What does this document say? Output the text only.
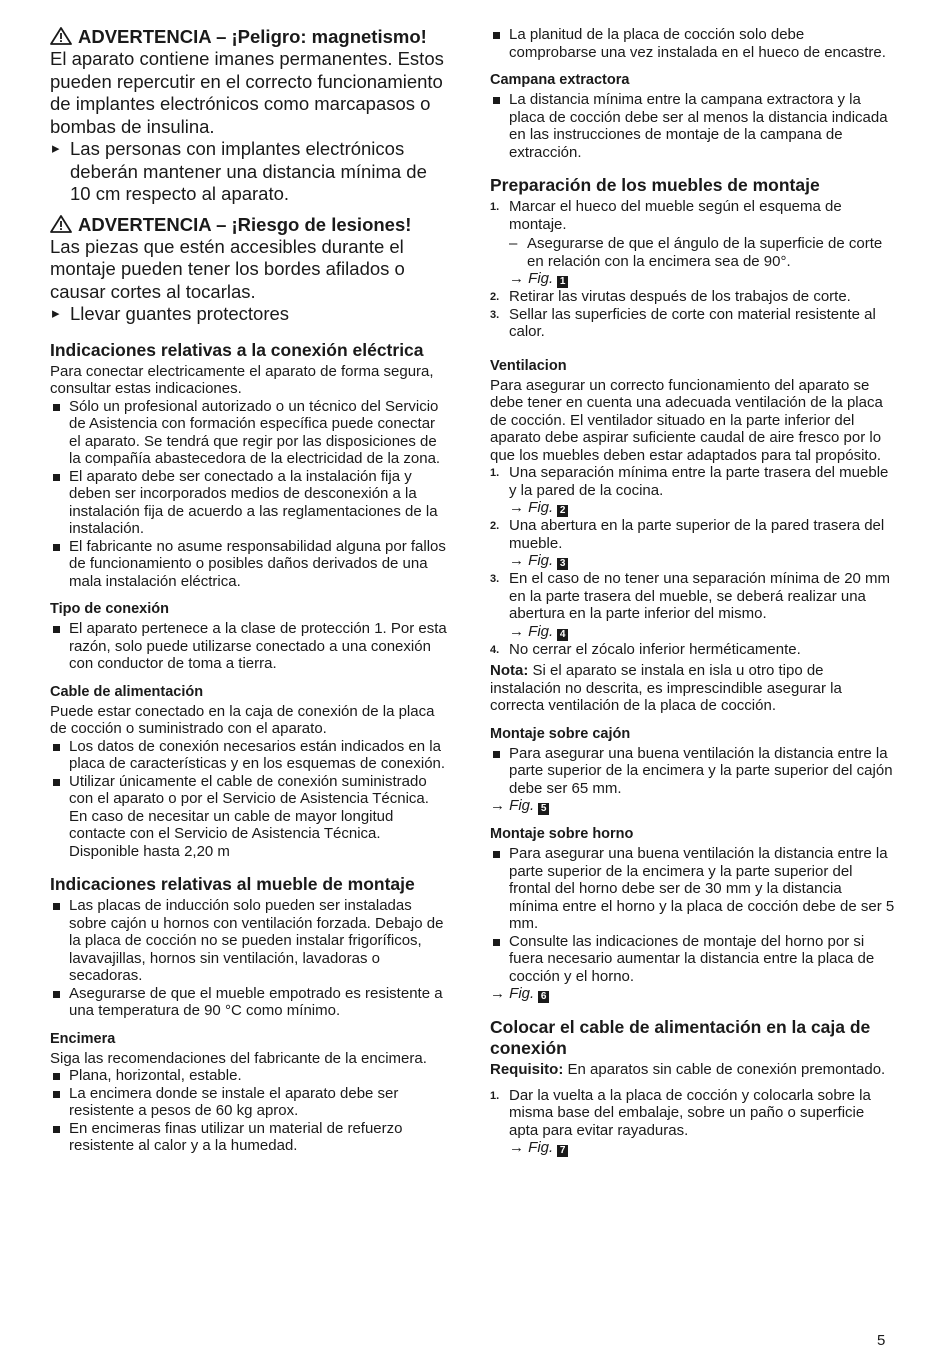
ADVERTENCIA – ¡Peligro: magnetismo!

El aparato contiene imanes permanentes. Estos pueden repercutir en el correcto funcionamiento de implantes electrónicos como marcapasos o bombas de insulina.

▸ Las personas con implantes electrónicos deberán mantener una distancia mínima de 10 cm respecto al aparato.

ADVERTENCIA – ¡Riesgo de lesiones!

Las piezas que estén accesibles durante el montaje pueden tener los bordes afilados o causar cortes al tocarlas.

▸ Llevar guantes protectores
Indicaciones relativas a la conexión eléctrica

Para conectar electricamente el aparato de forma segura, consultar estas indicaciones.

Sólo un profesional autorizado o un técnico del Servicio de Asistencia con formación específica puede conectar el aparato. Se tendrá que regir por las disposiciones de la compañía abastecedora de la electricidad de la zona.
El aparato debe ser conectado a la instalación fija y deben ser incorporados medios de desconexión a la instalación fija de acuerdo a las reglamentaciones de la instalación.
El fabricante no asume responsabilidad alguna por fallos de funcionamiento o posibles daños derivados de una mala instalación eléctrica.
Tipo de conexión
El aparato pertenece a la clase de protección 1. Por esta razón, solo puede utilizarse conectado a una conexión con conductor de toma a tierra.
Cable de alimentación

Puede estar conectado en la caja de conexión de la placa de cocción o suministrado con el aparato.

Los datos de conexión necesarios están indicados en la placa de características y en los esquemas de conexión.
Utilizar únicamente el cable de conexión suministrado con el aparato o por el Servicio de Asistencia Técnica. En caso de necesitar un cable de mayor longitud contacte con el Servicio de Asistencia Técnica. Disponible hasta 2,20 m
Indicaciones relativas al mueble de montaje
Las placas de inducción solo pueden ser instaladas sobre cajón u hornos con ventilación forzada. Debajo de la placa de cocción no se pueden instalar frigoríficos, lavavajillas, hornos sin ventilación, lavadoras o secadoras.
Asegurarse de que el mueble empotrado es resistente a una temperatura de 90 °C como mínimo.
Encimera

Siga las recomendaciones del fabricante de la encimera.

Plana, horizontal, estable.
La encimera donde se instale el aparato debe ser resistente a pesos de 60 kg aprox.
En encimeras finas utilizar un material de refuerzo resistente al calor y a la humedad.
La planitud de la placa de cocción solo debe comprobarse una vez instalada en el hueco de encastre.
Campana extractora
La distancia mínima entre la campana extractora y la placa de cocción debe ser al menos la distancia indicada en las instrucciones de montaje de la campana de extracción.
Preparación de los muebles de montaje
1. Marcar el hueco del mueble según el esquema de montaje.
– Asegurarse de que el ángulo de la superficie de corte en relación con la encimera sea de 90°.
→ Fig. 1
2. Retirar las virutas después de los trabajos de corte.
3. Sellar las superficies de corte con material resistente al calor.
Ventilacion

Para asegurar un correcto funcionamiento del aparato se debe tener en cuenta una adecuada ventilación de la placa de cocción. El ventilador situado en la parte inferior del aparato debe aspirar suficiente caudal de aire fresco por lo que los muebles deben estar adaptados para tal propósito.

1. Una separación mínima entre la parte trasera del mueble y la pared de la cocina.
→ Fig. 2
2. Una abertura en la parte superior de la pared trasera del mueble.
→ Fig. 3
3. En el caso de no tener una separación mínima de 20 mm en la parte trasera del mueble, se deberá realizar una abertura en la parte inferior del mismo.
→ Fig. 4
4. No cerrar el zócalo inferior herméticamente.

Nota: Si el aparato se instala en isla u otro tipo de instalación no descrita, es imprescindible asegurar la correcta ventilación de la placa de cocción.

Montaje sobre cajón
Para asegurar una buena ventilación la distancia entre la parte superior de la encimera y la parte superior del cajón debe ser 65 mm.
→ Fig. 5
Montaje sobre horno
Para asegurar una buena ventilación la distancia entre la parte superior de la encimera y la parte superior del frontal del horno debe ser de 30 mm y la distancia mínima entre el horno y la placa de cocción debe de ser 5 mm.
Consulte las indicaciones de montaje del horno por si fuera necesario aumentar la distancia entre la placa de cocción y el horno.
→ Fig. 6
Colocar el cable de alimentación en la caja de conexión

Requisito: En aparatos sin cable de conexión premontado.

1. Dar la vuelta a la placa de cocción y colocarla sobre la misma base del embalaje, sobre un paño o superficie apta para evitar rayaduras.
→ Fig. 7
5
